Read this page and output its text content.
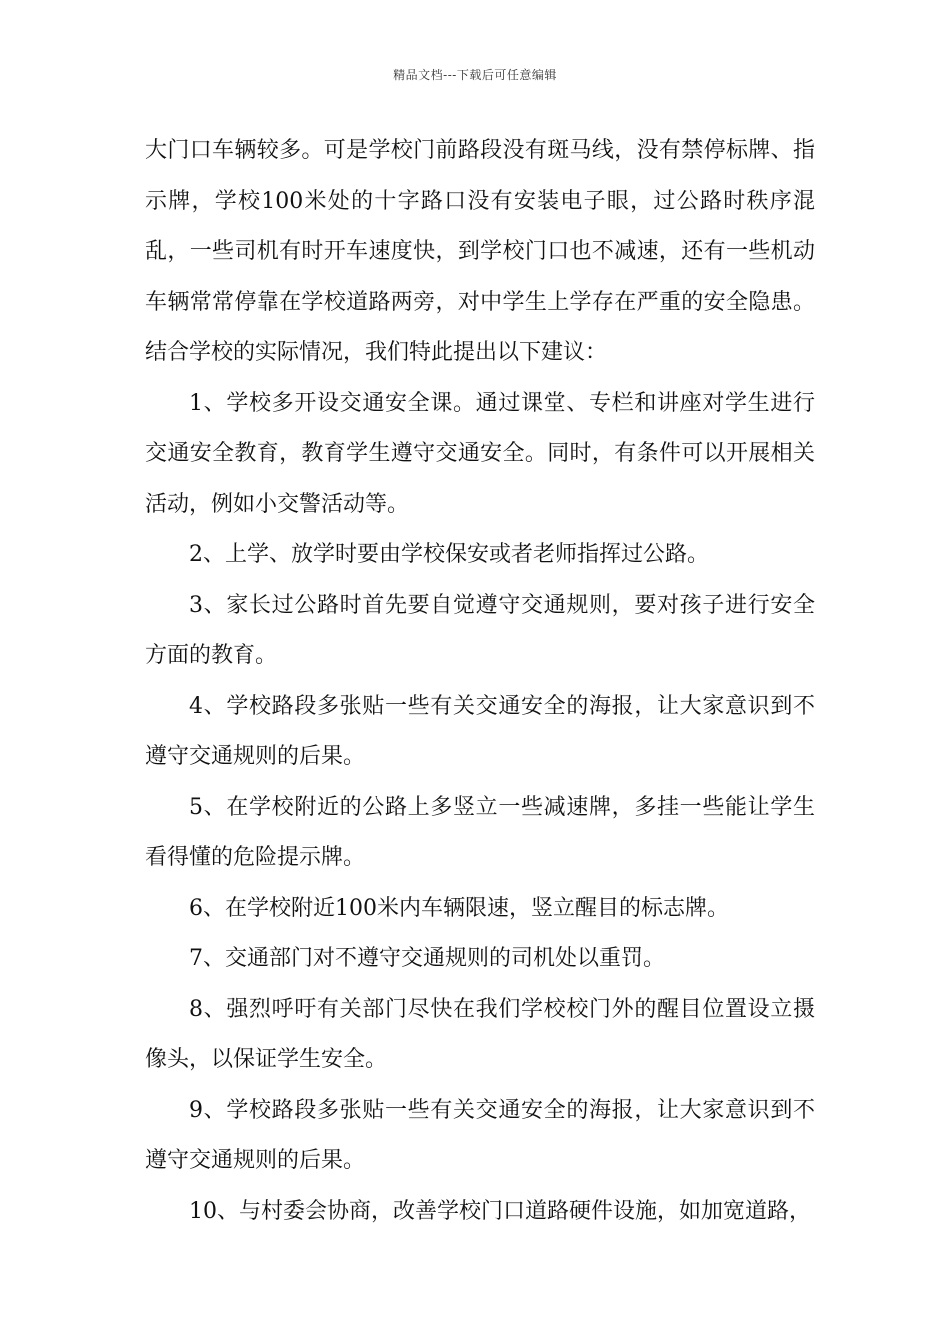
精品文档---下载后可任意编辑

大门口车辆较多。可是学校门前路段没有斑马线，没有禁停标牌、指示牌，学校100米处的十字路口没有安装电子眼，过公路时秩序混乱，一些司机有时开车速度快，到学校门口也不减速，还有一些机动车辆常常停靠在学校道路两旁，对中学生上学存在严重的安全隐患。结合学校的实际情况，我们特此提出以下建议：

1、学校多开设交通安全课。通过课堂、专栏和讲座对学生进行交通安全教育，教育学生遵守交通安全。同时，有条件可以开展相关活动，例如小交警活动等。

2、上学、放学时要由学校保安或者老师指挥过公路。

3、家长过公路时首先要自觉遵守交通规则，要对孩子进行安全方面的教育。

4、学校路段多张贴一些有关交通安全的海报，让大家意识到不遵守交通规则的后果。

5、在学校附近的公路上多竖立一些减速牌，多挂一些能让学生看得懂的危险提示牌。

6、在学校附近100米内车辆限速，竖立醒目的标志牌。

7、交通部门对不遵守交通规则的司机处以重罚。

8、强烈呼吁有关部门尽快在我们学校校门外的醒目位置设立摄像头，以保证学生安全。

9、学校路段多张贴一些有关交通安全的海报，让大家意识到不遵守交通规则的后果。

10、与村委会协商，改善学校门口道路硬件设施，如加宽道路，
